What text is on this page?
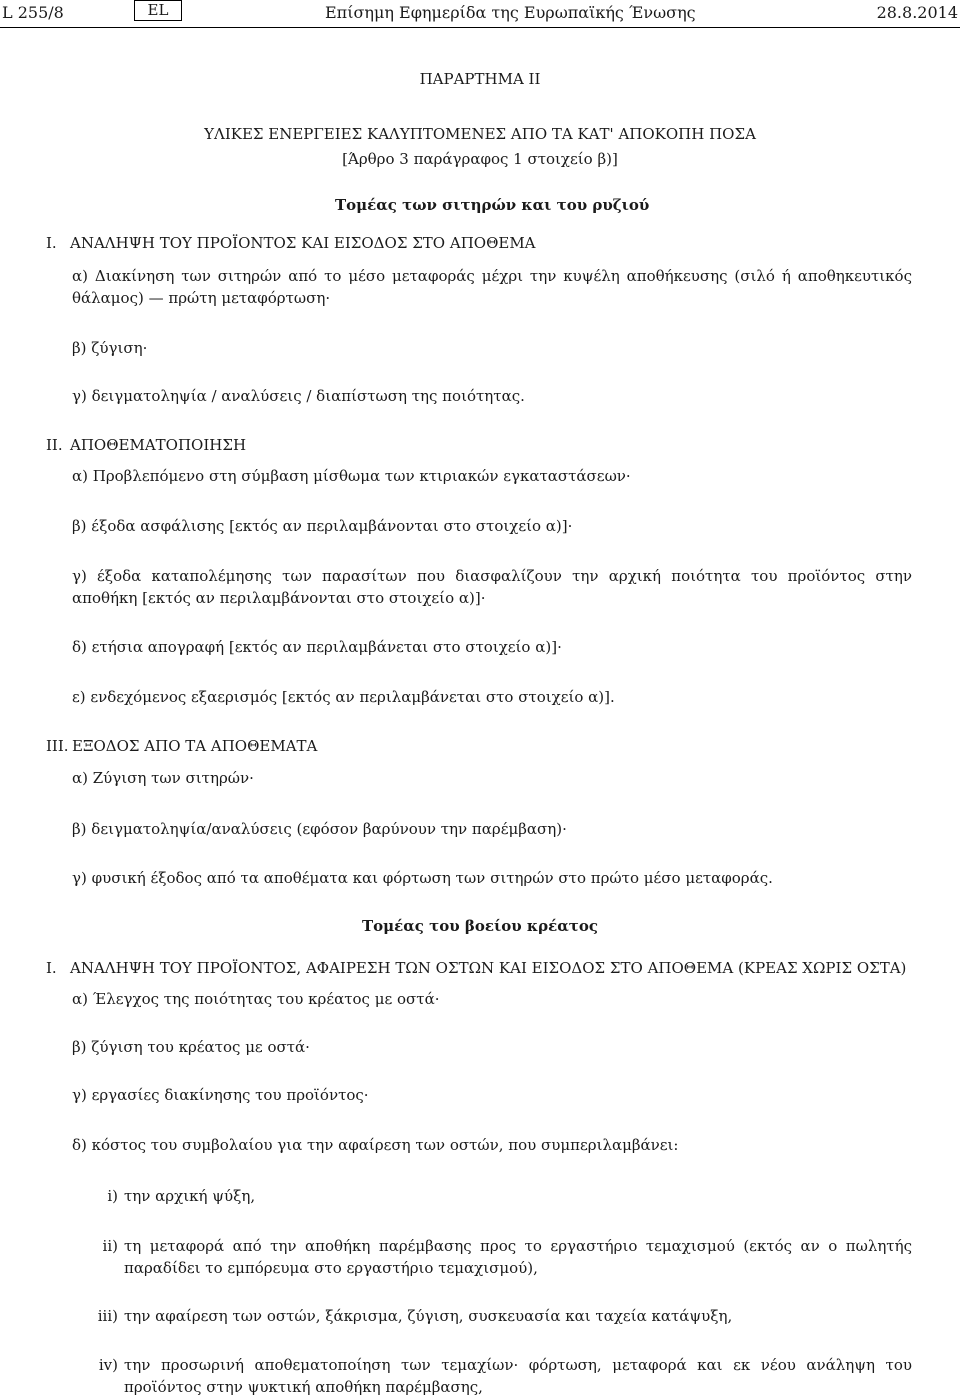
L 255/8	EL	Επίσημη Εφημερίδα της Ευρωπαϊκής Ένωσης	28.8.2014
ΠΑΡΑΡΤΗΜΑ II
ΥΛΙΚΕΣ ΕΝΕΡΓΕΙΕΣ ΚΑΛΥΠΤΟΜΕΝΕΣ ΑΠΟ ΤΑ ΚΑΤ' ΑΠΟΚΟΠΗ ΠΟΣΑ
[Άρθρο 3 παράγραφος 1 στοιχείο β)]
Τομέας των σιτηρών και του ρυζιού
I. ΑΝΑΛΗΨΗ ΤΟΥ ΠΡΟΪΟΝΤΟΣ ΚΑΙ ΕΙΣΟΔΟΣ ΣΤΟ ΑΠΟΘΕΜΑ
α) Διακίνηση των σιτηρών από το μέσο μεταφοράς μέχρι την κυψέλη αποθήκευσης (σιλό ή αποθηκευτικός θάλαμος) — πρώτη μεταφόρτωση·
β) ζύγιση·
γ) δειγματοληψία / αναλύσεις / διαπίστωση της ποιότητας.
II. ΑΠΟΘΕΜΑΤΟΠΟΙΗΣΗ
α) Προβλεπόμενο στη σύμβαση μίσθωμα των κτιριακών εγκαταστάσεων·
β) έξοδα ασφάλισης [εκτός αν περιλαμβάνονται στο στοιχείο α)]·
γ) έξοδα καταπολέμησης των παρασίτων που διασφαλίζουν την αρχική ποιότητα του προϊόντος στην αποθήκη [εκτός αν περιλαμβάνονται στο στοιχείο α)]·
δ) ετήσια απογραφή [εκτός αν περιλαμβάνεται στο στοιχείο α)]·
ε) ενδεχόμενος εξαερισμός [εκτός αν περιλαμβάνεται στο στοιχείο α)].
III. ΕΞΟΔΟΣ ΑΠΟ ΤΑ ΑΠΟΘΕΜΑΤΑ
α) Ζύγιση των σιτηρών·
β) δειγματοληψία/αναλύσεις (εφόσον βαρύνουν την παρέμβαση)·
γ) φυσική έξοδος από τα αποθέματα και φόρτωση των σιτηρών στο πρώτο μέσο μεταφοράς.
Τομέας του βοείου κρέατος
I. ΑΝΑΛΗΨΗ ΤΟΥ ΠΡΟΪΟΝΤΟΣ, ΑΦΑΙΡΕΣΗ ΤΩΝ ΟΣΤΩΝ ΚΑΙ ΕΙΣΟΔΟΣ ΣΤΟ ΑΠΟΘΕΜΑ (ΚΡΕΑΣ ΧΩΡΙΣ ΟΣΤΑ)
α) Έλεγχος της ποιότητας του κρέατος με οστά·
β) ζύγιση του κρέατος με οστά·
γ) εργασίες διακίνησης του προϊόντος·
δ) κόστος του συμβολαίου για την αφαίρεση των οστών, που συμπεριλαμβάνει:
i) την αρχική ψύξη,
ii) τη μεταφορά από την αποθήκη παρέμβασης προς το εργαστήριο τεμαχισμού (εκτός αν ο πωλητής παραδίδει το εμπόρευμα στο εργαστήριο τεμαχισμού),
iii) την αφαίρεση των οστών, ξάκρισμα, ζύγιση, συσκευασία και ταχεία κατάψυξη,
iv) την προσωρινή αποθεματοποίηση των τεμαχίων· φόρτωση, μεταφορά και εκ νέου ανάληψη του προϊόντος στην ψυκτική αποθήκη παρέμβασης,
